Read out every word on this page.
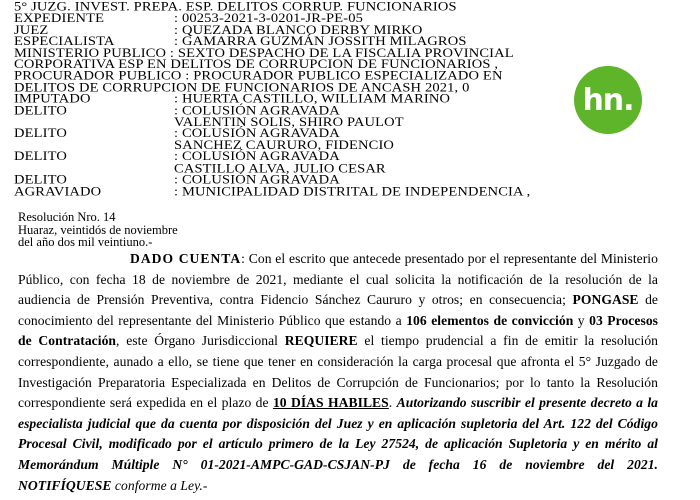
5° JUZG. INVEST. PREPA. ESP. DELITOS CORRUP. FUNCIONARIOS
EXPEDIENTE	: 00253-2021-3-0201-JR-PE-05
JUEZ	: QUEZADA BLANCO DERBY MIRKO
ESPECIALISTA	: GAMARRA GUZMÁN JOSSITH MILAGROS
MINISTERIO PUBLICO : SEXTO DESPACHO DE LA FISCALIA PROVINCIAL
CORPORATIVA ESP EN DELITOS DE CORRUPCION DE FUNCIONARIOS ,
PROCURADOR PUBLICO : PROCURADOR PUBLICO ESPECIALIZADO EN
DELITOS DE CORRUPCION DE FUNCIONARIOS DE ANCASH 2021, 0
IMPUTADO	: HUERTA CASTILLO, WILLIAM MARINO
DELITO	: COLUSIÓN AGRAVADA
VALENTIN SOLIS, SHIRO PAULOT
DELITO	: COLUSIÓN AGRAVADA
SANCHEZ CAURURO, FIDENCIO
DELITO	: COLUSIÓN AGRAVADA
CASTILLO ALVA, JULIO CESAR
DELITO	: COLUSIÓN AGRAVADA
AGRAVIADO	: MUNICIPALIDAD DISTRITAL DE INDEPENDENCIA ,
hn .
Resolución Nro. 14
Huaraz, veintidós de noviembre
del año dos mil veintiuno.-

DADO CUENTA: Con el escrito que antecede presentado por el representante del Ministerio Público, con fecha 18 de noviembre de 2021, mediante el cual solicita la notificación de la resolución de la audiencia de Prensión Preventiva, contra Fidencio Sánchez Caururo y otros; en consecuencia; PONGASE de conocimiento del representante del Ministerio Público que estando a 106 elementos de convicción y 03 Procesos de Contratación, este Órgano Jurisdiccional REQUIERE el tiempo prudencial a fin de emitir la resolución correspondiente, aunado a ello, se tiene que tener en consideración la carga procesal que afronta el 5° Juzgado de Investigación Preparatoria Especializada en Delitos de Corrupción de Funcionarios; por lo tanto la Resolución correspondiente será expedida en el plazo de 10 DÍAS HABILES. Autorizando suscribir el presente decreto a la especialista judicial que da cuenta por disposición del Juez y en aplicación supletoria del Art. 122 del Código Procesal Civil, modificado por el artículo primero de la Ley 27524, de aplicación Supletoria y en mérito al Memorándum Múltiple N° 01-2021-AMPC-GAD-CSJAN-PJ de fecha 16 de noviembre del 2021. NOTIFÍQUESE conforme a Ley.-
